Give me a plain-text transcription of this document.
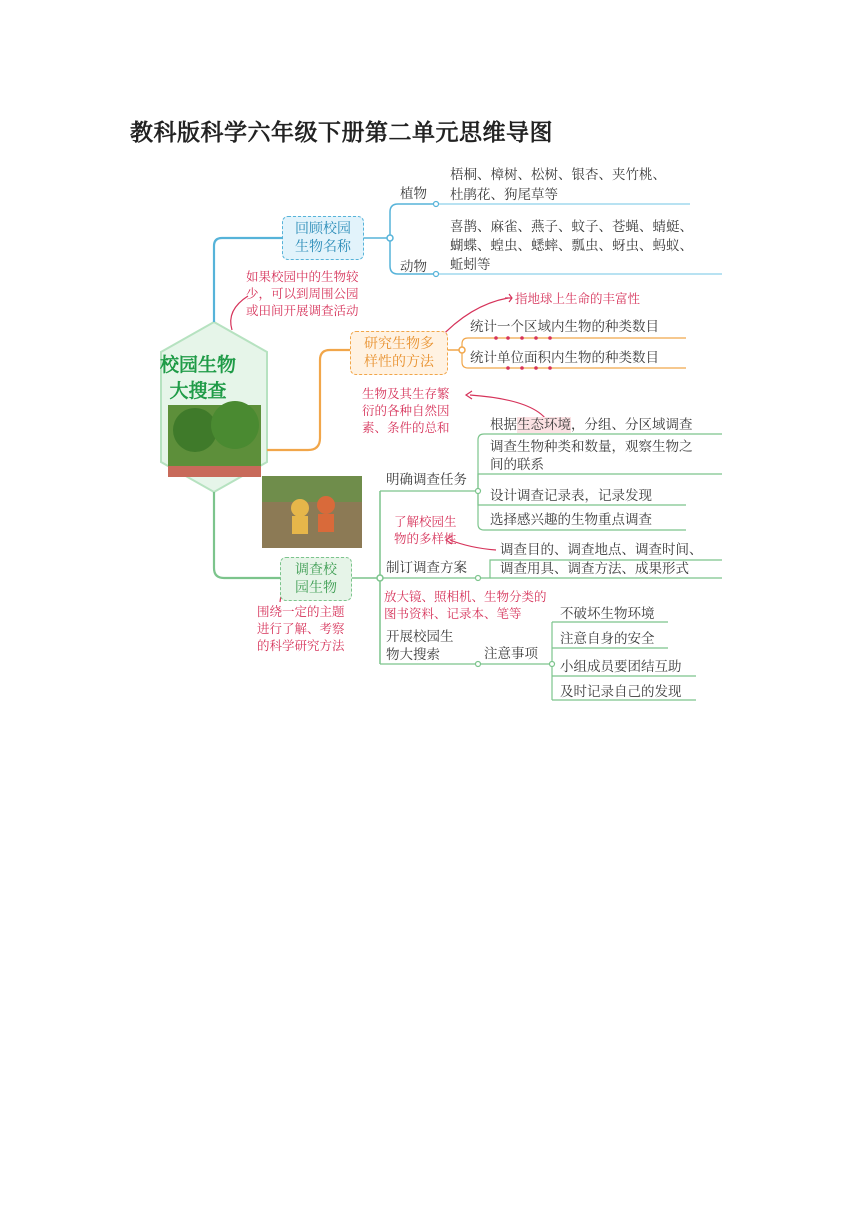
教科版科学六年级下册第二单元思维导图
校园生物
大搜查
回顾校园
生物名称
植物
梧桐、樟树、松树、银杏、夹竹桃、
杜鹃花、狗尾草等
动物
喜鹊、麻雀、燕子、蚊子、苍蝇、蜻蜓、
蝴蝶、蝗虫、蟋蟀、瓢虫、蚜虫、蚂蚁、
蚯蚓等
如果校园中的生物较
少，可以到周围公园
或田间开展调查活动
研究生物多
样性的方法
指地球上生命的丰富性
统计一个区域内生物的种类数目
统计单位面积内生物的种类数目
生物及其生存繁
衍的各种自然因
素、条件的总和
调查校
园生物
围绕一定的主题
进行了解、考察
的科学研究方法
明确调查任务
根据生态环境，分组、分区域调查
调查生物种类和数量，观察生物之
间的联系
设计调查记录表，记录发现
选择感兴趣的生物重点调查
了解校园生
物的多样性
制订调查方案
调查目的、调查地点、调查时间、
调查用具、调查方法、成果形式
放大镜、照相机、生物分类的
图书资料、记录本、笔等
开展校园生
物大搜索	注意事项
不破坏生物环境
注意自身的安全
小组成员要团结互助
及时记录自己的发现
